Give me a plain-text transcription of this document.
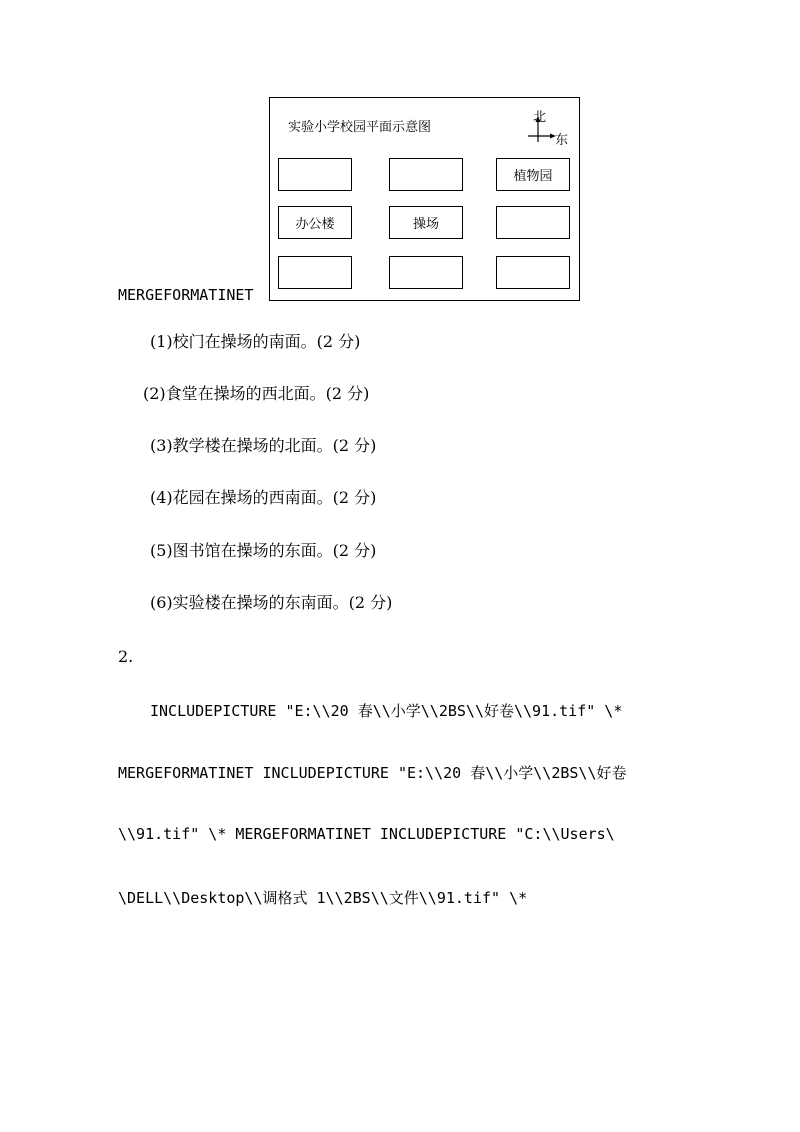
MERGEFORMATINET
实验小学校园平面示意图
北
东
植物园
办公楼	操场
(1)校门在操场的南面。(2 分)
(2)食堂在操场的西北面。(2 分)
(3)教学楼在操场的北面。(2 分)
(4)花园在操场的西南面。(2 分)
(5)图书馆在操场的东面。(2 分)
(6)实验楼在操场的东南面。(2 分)
2.
INCLUDEPICTURE "E:\\20 春\\小学\\2BS\\好卷\\91.tif" \*
MERGEFORMATINET INCLUDEPICTURE "E:\\20 春\\小学\\2BS\\好卷
\\91.tif" \* MERGEFORMATINET INCLUDEPICTURE "C:\\Users\
\DELL\\Desktop\\调格式 1\\2BS\\文件\\91.tif" \*
